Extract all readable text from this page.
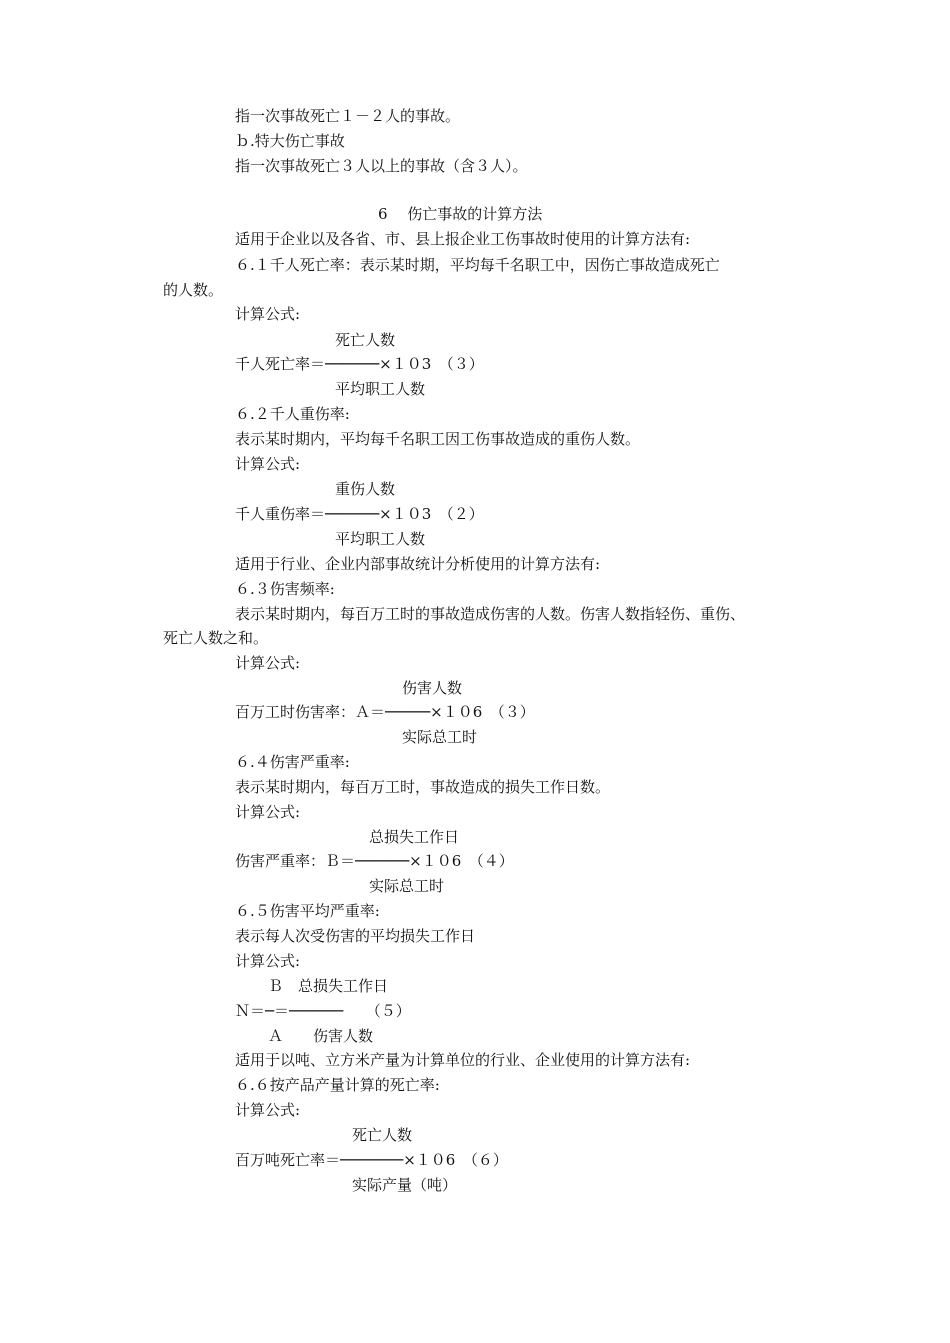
指一次事故死亡１－２人的事故。
ｂ.特大伤亡事故
指一次事故死亡３人以上的事故（含３人）。
6　 伤亡事故的计算方法
适用于企业以及各省、市、县上报企业工伤事故时使用的计算方法有:
６.１千人死亡率：表示某时期，平均每千名职工中，因伤亡事故造成死亡
的人数。
计算公式:
死亡人数
千人死亡率＝──────×１０3　（３）
平均职工人数
６.２千人重伤率:
表示某时期内，平均每千名职工因工伤事故造成的重伤人数。
计算公式:
重伤人数
千人重伤率＝──────×１０3　（２）
平均职工人数
适用于行业、企业内部事故统计分析使用的计算方法有:
６.３伤害频率:
表示某时期内，每百万工时的事故造成伤害的人数。伤害人数指轻伤、重伤、
死亡人数之和。
计算公式:
伤害人数
百万工时伤害率：Ａ＝─────×１０6　（３）
实际总工时
６.４伤害严重率:
表示某时期内，每百万工时，事故造成的损失工作日数。
计算公式:
总损失工作日
伤害严重率：Ｂ＝──────×１０6　（４）
实际总工时
６.５伤害平均严重率:
表示每人次受伤害的平均损失工作日
计算公式:
Ｂ　总损失工作日
Ｎ＝─＝──────　　（５）
Ａ　　伤害人数
适用于以吨、立方米产量为计算单位的行业、企业使用的计算方法有:
６.６按产品产量计算的死亡率:
计算公式:
死亡人数
百万吨死亡率＝───────×１０6　（６）
实际产量（吨）
